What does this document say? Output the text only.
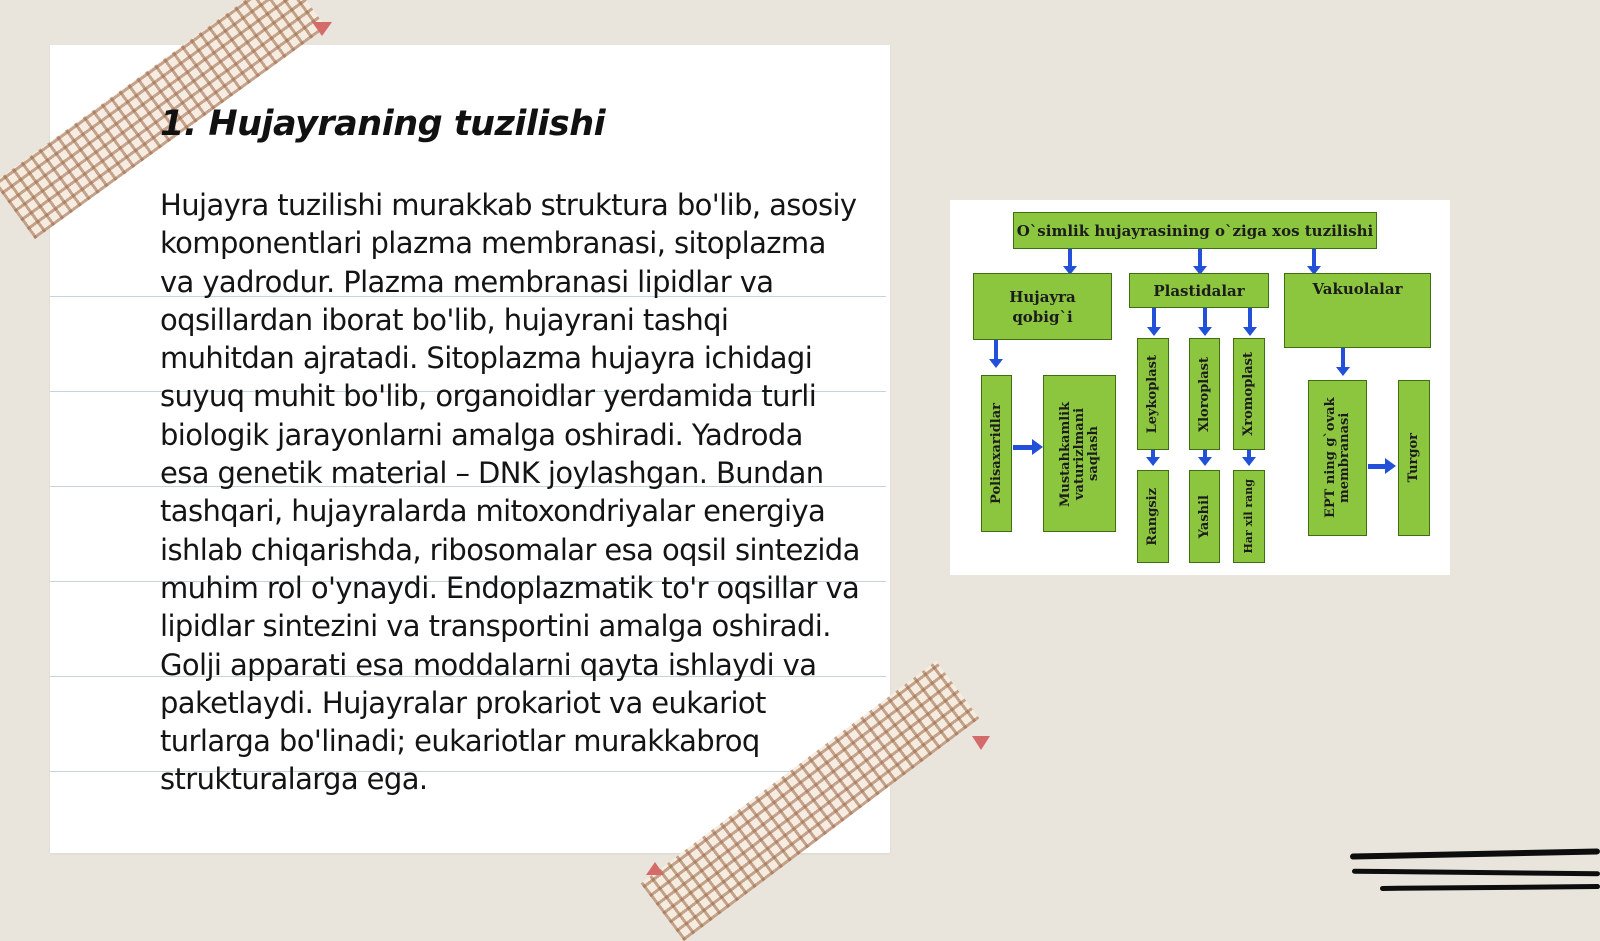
1. Hujayraning tuzilishi

Hujayra tuzilishi murakkab struktura bo'lib, asosiy komponentlari plazma membranasi, sitoplazma va yadrodur. Plazma membranasi lipidlar va oqsillardan iborat bo'lib, hujayrani tashqi muhitdan ajratadi. Sitoplazma hujayra ichidagi suyuq muhit bo'lib, organoidlar yerdamida turli biologik jarayonlarni amalga oshiradi. Yadroda esa genetik material – DNK joylashgan. Bundan tashqari, hujayralarda mitoxondriyalar energiya ishlab chiqarishda, ribosomalar esa oqsil sintezida muhim rol o'ynaydi. Endoplazmatik to'r oqsillar va lipidlar sintezini va transportini amalga oshiradi. Golji apparati esa moddalarni qayta ishlaydi va paketlaydi. Hujayralar prokariot va eukariot turlarga bo'linadi; eukariotlar murakkabroq strukturalarga ega.

O`simlik hujayrasining o`ziga xos tuzilishi
Hujayra qobig`i
Plastidalar	Vakuolalar
Polisaxaridlar	Mustahkamlik vaturizlmani saqlash
Leykoplast	Xloroplast Xromoplast
Rangsiz	Yashil	Har xil rang	EPT ning g`ovak membranasi	Turgor
